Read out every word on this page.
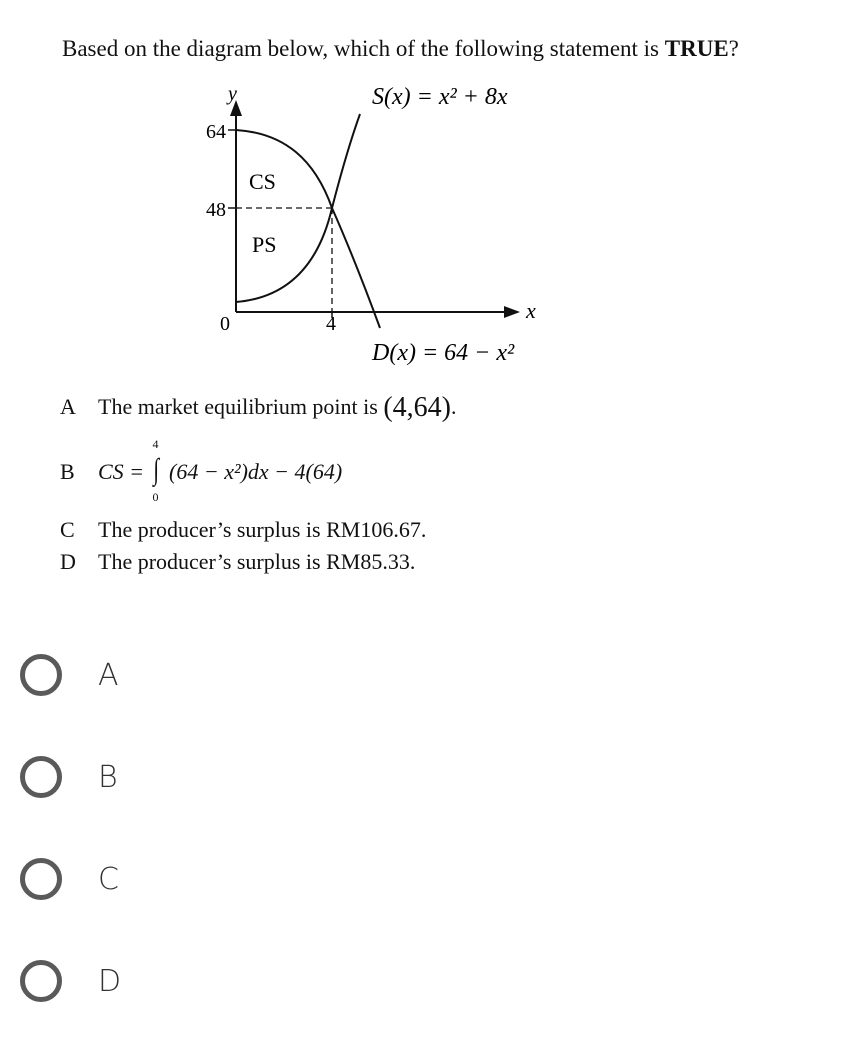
Based on the diagram below, which of the following statement is TRUE?
y
x
64
48
0	4
CS
PS
S(x) = x² + 8x
D(x) = 64 − x²
A The market equilibrium point is (4,64).
B CS =
4
∫
0
(64 − x²)dx − 4(64)
C The producer’s surplus is RM106.67.
D The producer’s surplus is RM85.33.
A
B
C
D
